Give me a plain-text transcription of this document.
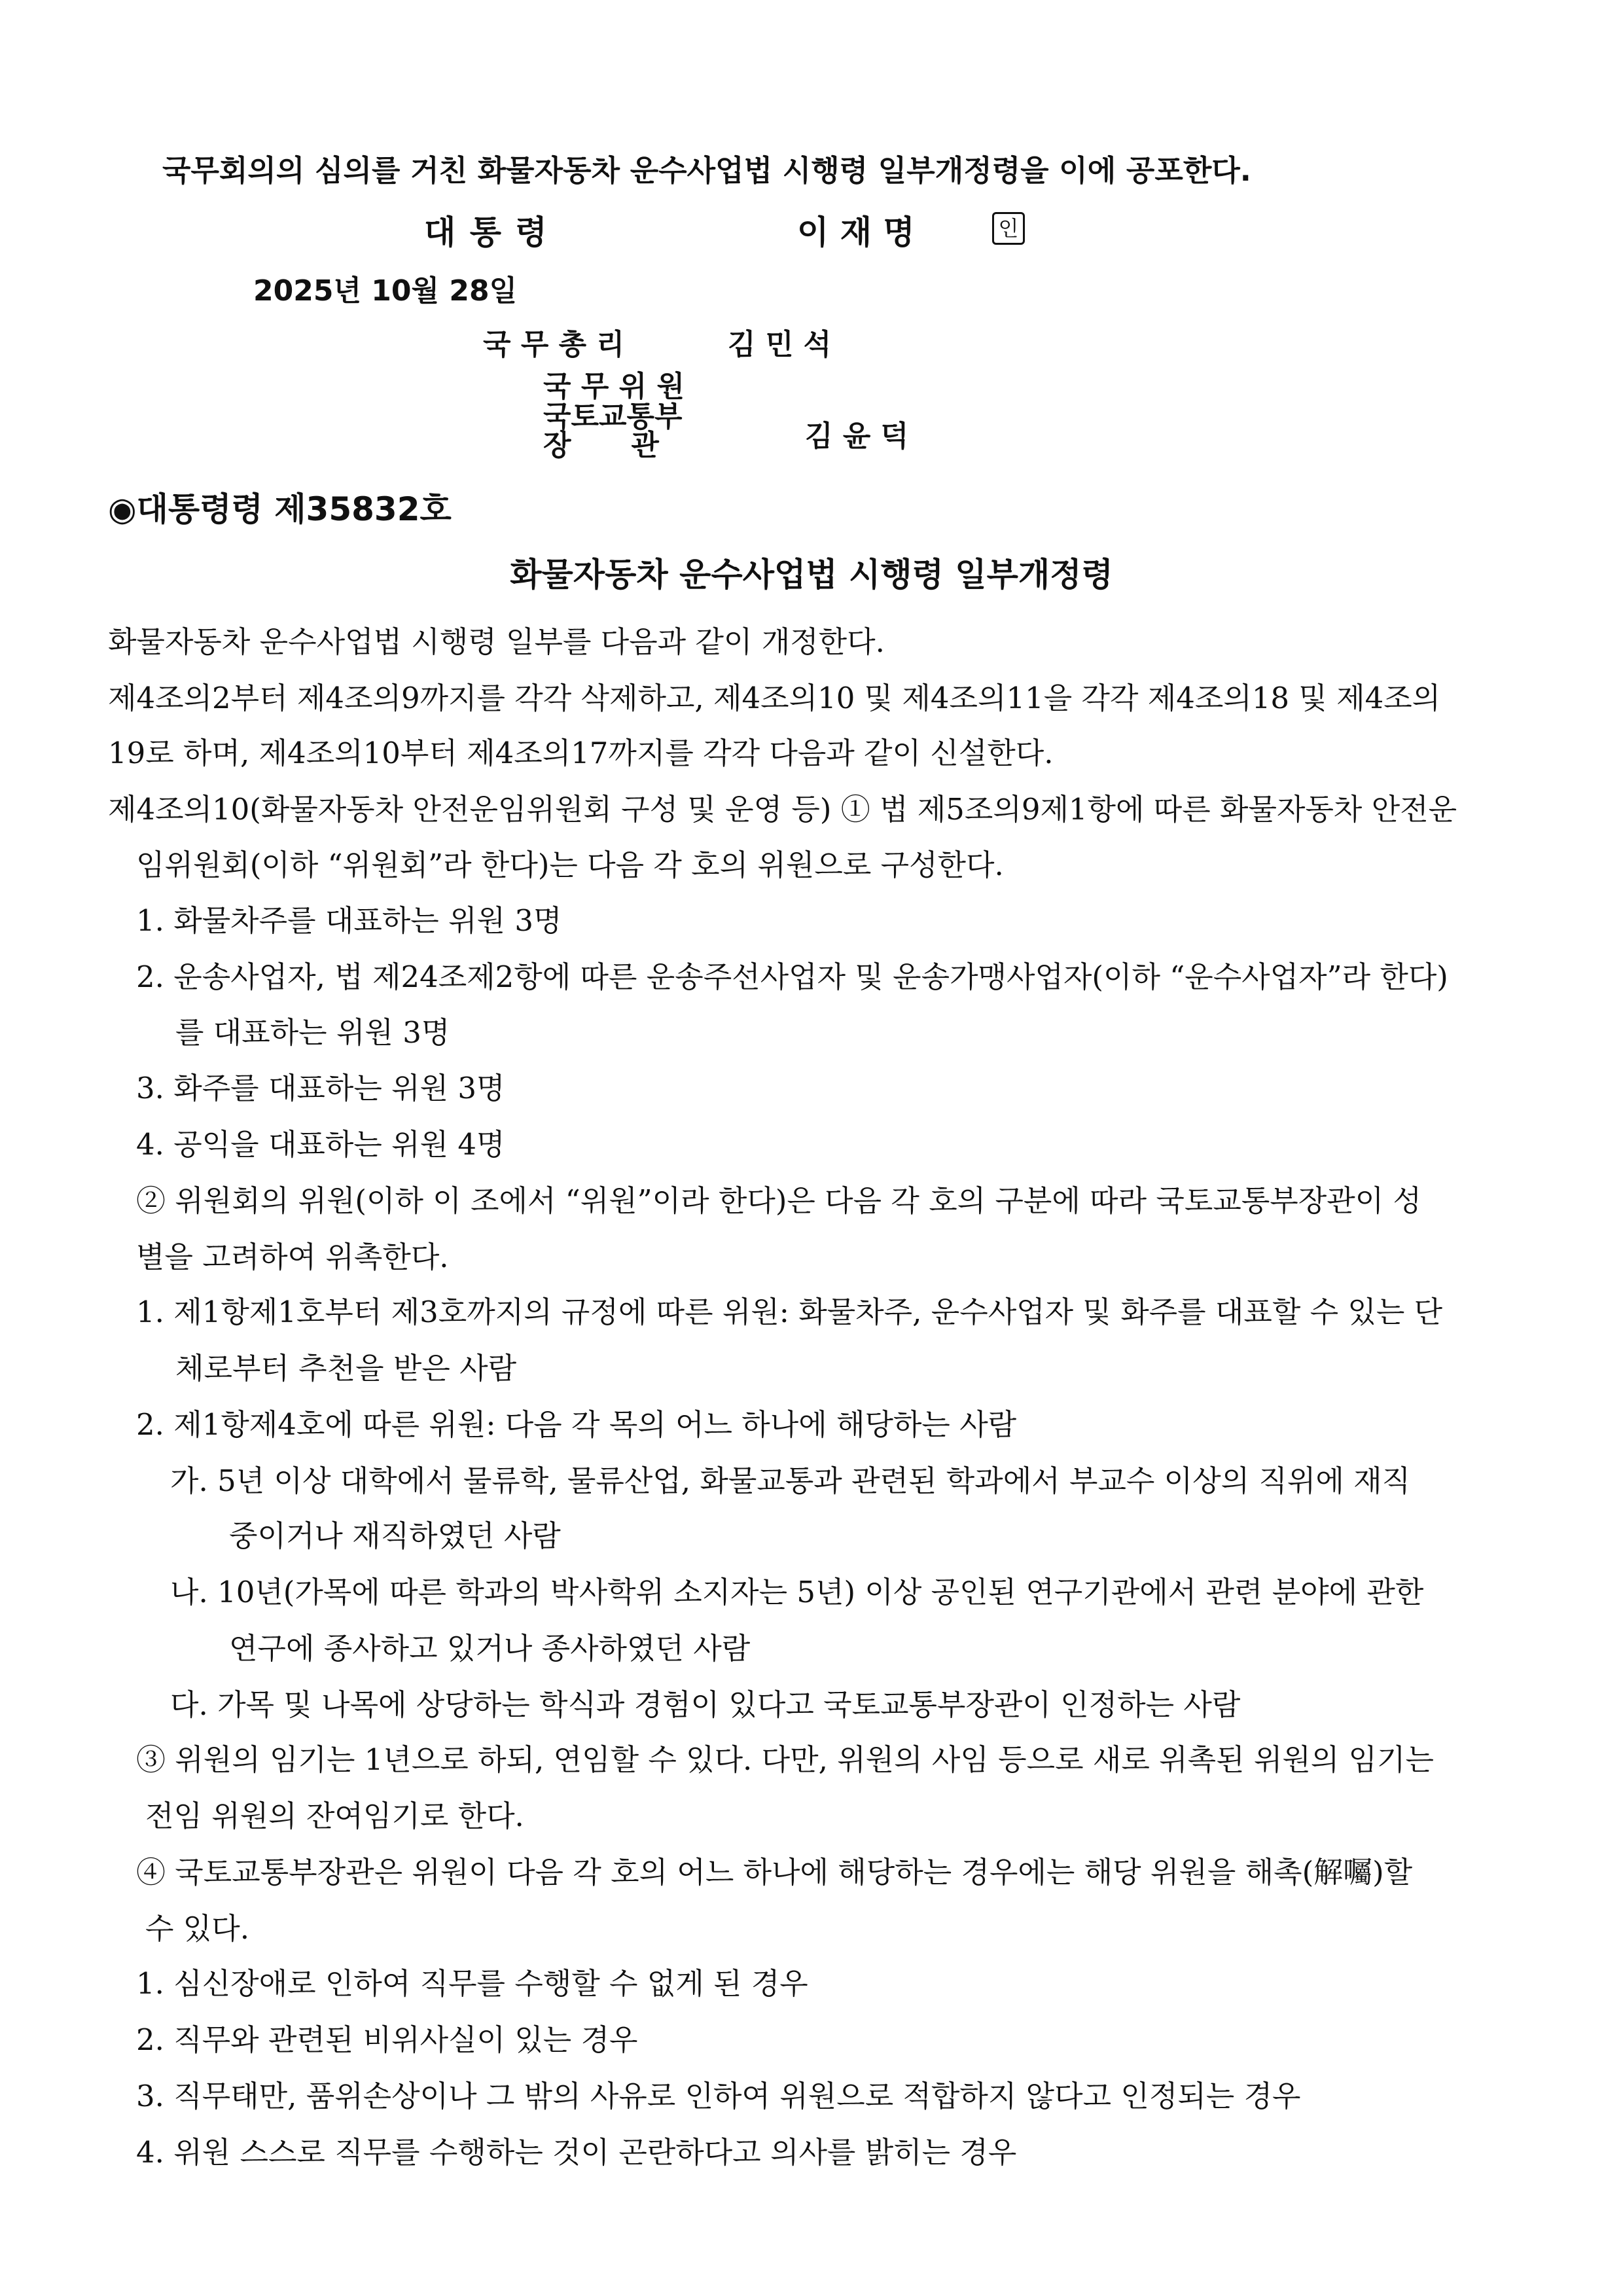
국무회의의 심의를 거친 화물자동차 운수사업법 시행령 일부개정령을 이에 공포한다.
대 통 령	이 재 명	인
2025년 10월 28일
국 무 총 리	김 민 석
국 무 위 원
국토교통부
장      관	김 윤 덕
◉대통령령 제35832호
화물자동차 운수사업법 시행령 일부개정령
화물자동차 운수사업법 시행령 일부를 다음과 같이 개정한다.
제4조의2부터 제4조의9까지를 각각 삭제하고, 제4조의10 및 제4조의11을 각각 제4조의18 및 제4조의
19로 하며, 제4조의10부터 제4조의17까지를 각각 다음과 같이 신설한다.
제4조의10(화물자동차 안전운임위원회 구성 및 운영 등) ① 법 제5조의9제1항에 따른 화물자동차 안전운
임위원회(이하 “위원회”라 한다)는 다음 각 호의 위원으로 구성한다.
1. 화물차주를 대표하는 위원 3명
2. 운송사업자, 법 제24조제2항에 따른 운송주선사업자 및 운송가맹사업자(이하 “운수사업자”라 한다)
를 대표하는 위원 3명
3. 화주를 대표하는 위원 3명
4. 공익을 대표하는 위원 4명
② 위원회의 위원(이하 이 조에서 “위원”이라 한다)은 다음 각 호의 구분에 따라 국토교통부장관이 성
별을 고려하여 위촉한다.
1. 제1항제1호부터 제3호까지의 규정에 따른 위원: 화물차주, 운수사업자 및 화주를 대표할 수 있는 단
체로부터 추천을 받은 사람
2. 제1항제4호에 따른 위원: 다음 각 목의 어느 하나에 해당하는 사람
가. 5년 이상 대학에서 물류학, 물류산업, 화물교통과 관련된 학과에서 부교수 이상의 직위에 재직
중이거나 재직하였던 사람
나. 10년(가목에 따른 학과의 박사학위 소지자는 5년) 이상 공인된 연구기관에서 관련 분야에 관한
연구에 종사하고 있거나 종사하였던 사람
다. 가목 및 나목에 상당하는 학식과 경험이 있다고 국토교통부장관이 인정하는 사람
③ 위원의 임기는 1년으로 하되, 연임할 수 있다. 다만, 위원의 사임 등으로 새로 위촉된 위원의 임기는
전임 위원의 잔여임기로 한다.
④ 국토교통부장관은 위원이 다음 각 호의 어느 하나에 해당하는 경우에는 해당 위원을 해촉(解囑)할
수 있다.
1. 심신장애로 인하여 직무를 수행할 수 없게 된 경우
2. 직무와 관련된 비위사실이 있는 경우
3. 직무태만, 품위손상이나 그 밖의 사유로 인하여 위원으로 적합하지 않다고 인정되는 경우
4. 위원 스스로 직무를 수행하는 것이 곤란하다고 의사를 밝히는 경우
